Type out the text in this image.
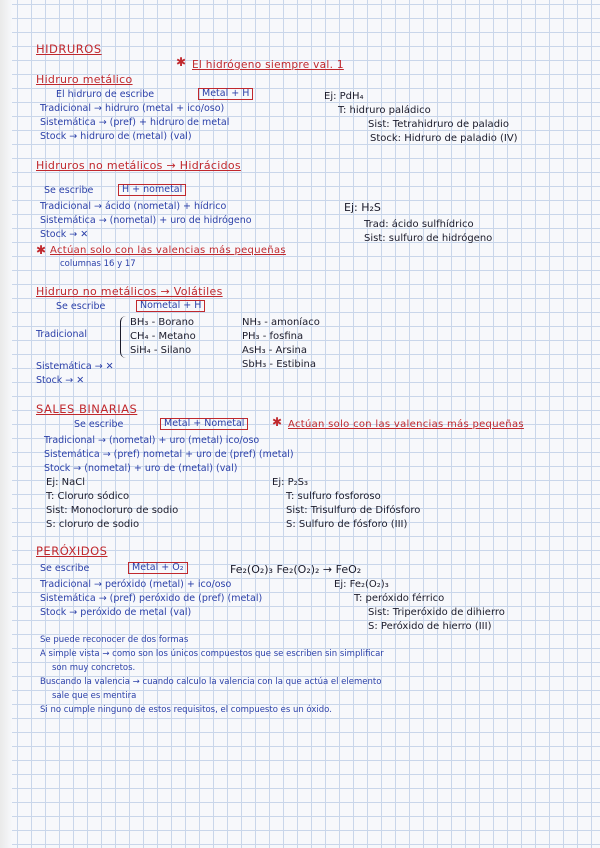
HIDRUROS
✱ El hidrógeno siempre val. 1
Hidruro metálico
El hidruro de escribe	Metal + H
Tradicional → hidruro (metal + ico/oso)
Sistemática → (pref) + hidruro de metal
Stock → hidruro de (metal) (val)
Ej: PdH₄
T: hidruro paládico
Sist: Tetrahidruro de paladio
Stock: Hidruro de paladio (IV)
Hidruros no metálicos → Hidrácidos
Se escribe	H + nometal
Tradicional → ácido (nometal) + hídrico
Sistemática → (nometal) + uro de hidrógeno
Stock → ✕
✱ Actúan solo con las valencias más pequeñas
columnas 16 y 17
Ej: H₂S
Trad: ácido sulfhídrico
Sist: sulfuro de hidrógeno
Hidruro no metálicos → Volátiles
Se escribe	Nometal + H
Tradicional
BH₃ - Borano
CH₄ - Metano
SiH₄ - Silano
NH₃ - amoníaco
PH₃ - fosfina
AsH₃ - Arsina
SbH₃ - Estibina
Sistemática → ✕
Stock → ✕
SALES BINARIAS
Se escribe	Metal + Nometal	✱ Actúan solo con las valencias más pequeñas
Tradicional → (nometal) + uro (metal) ico/oso
Sistemática → (pref) nometal + uro de (pref) (metal)
Stock → (nometal) + uro de (metal) (val)
Ej: NaCl
T: Cloruro sódico
Sist: Monocloruro de sodio
S: cloruro de sodio
Ej: P₂S₃
T: sulfuro fosforoso
Sist: Trisulfuro de Difósforo
S: Sulfuro de fósforo (III)
PERÓXIDOS
Se escribe	Metal + O₂	Fe₂(O₂)₃ Fe₂(O₂)₂ → FeO₂
Tradicional → peróxido (metal) + ico/oso	Ej: Fe₂(O₂)₃
Sistemática → (pref) peróxido de (pref) (metal)	T: peróxido férrico
Stock → peróxido de metal (val)	Sist: Triperóxido de dihierro
S: Peróxido de hierro (III)
Se puede reconocer de dos formas
A simple vista → como son los únicos compuestos que se escriben sin simplificar
son muy concretos.
Buscando la valencia → cuando calculo la valencia con la que actúa el elemento
sale que es mentira
Si no cumple ninguno de estos requisitos, el compuesto es un óxido.
